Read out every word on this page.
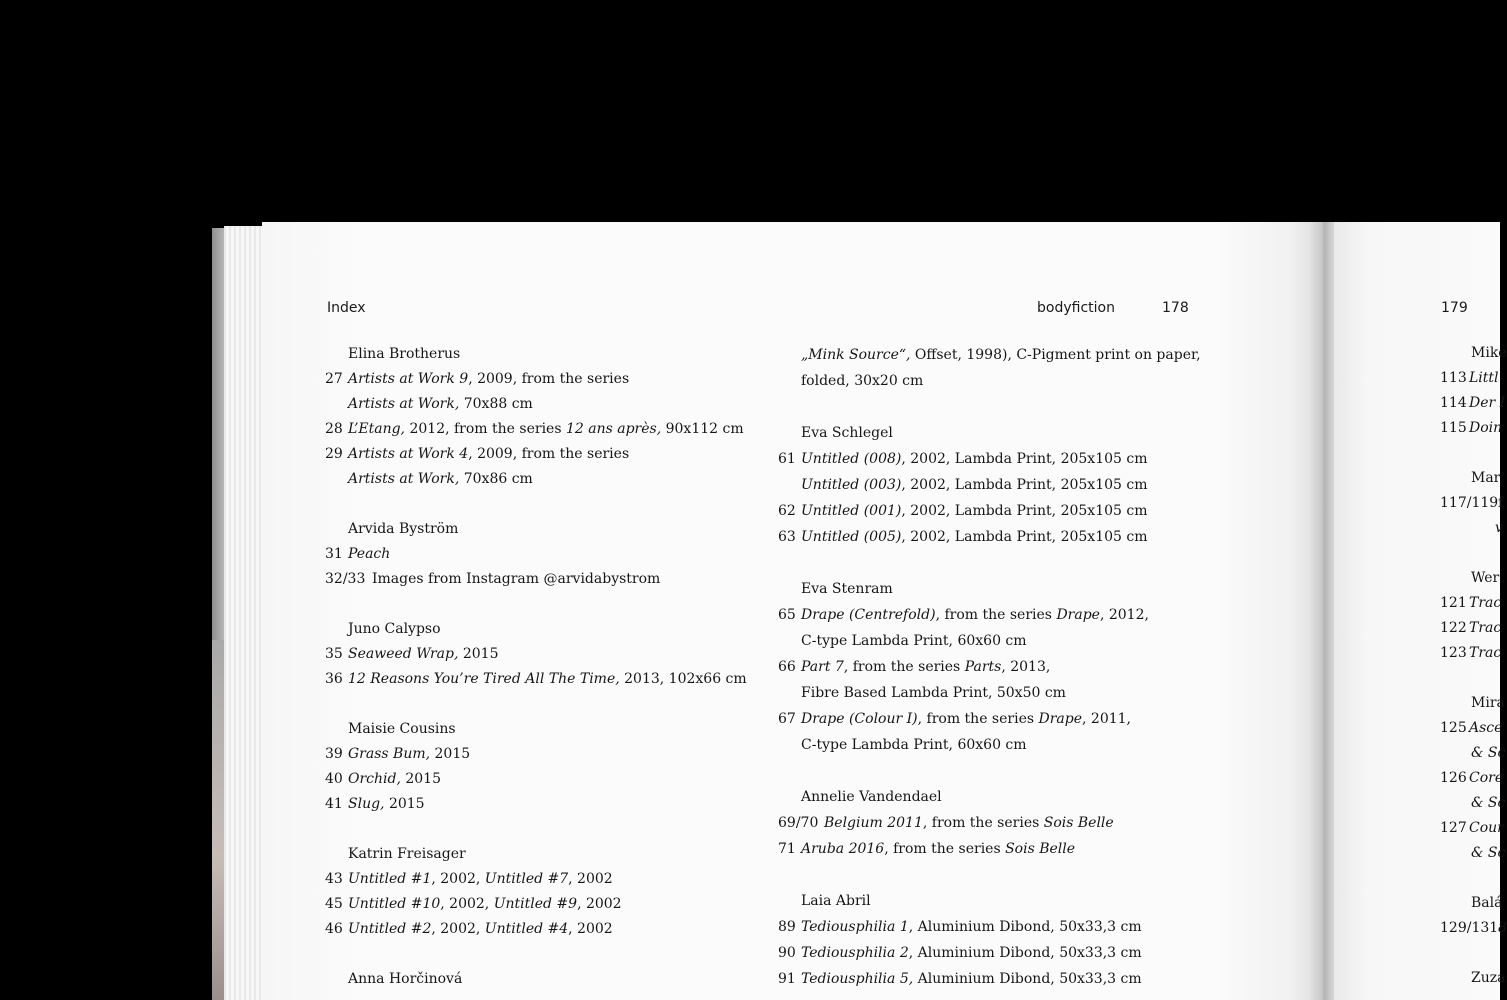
179
Mike
113 Littl
114 Der I
115 Doin
Mar
117/119 f
v
Wer
121 Trac
122 Trac
123 Trac
Mira
125 Asce
& Sc
126 Core
& Sc
127 Cour
& Sc
Balá
129/131 8
Zuza
Index	bodyfiction	178
Elina Brotherus
27 Artists at Work 9, 2009, from the series
Artists at Work, 70x88 cm
28 L’Etang, 2012, from the series 12 ans après, 90x112 cm
29 Artists at Work 4, 2009, from the series
Artists at Work, 70x86 cm
Arvida Byström
31 Peach
32/33 Images from Instagram @arvidabystrom
Juno Calypso
35 Seaweed Wrap, 2015
36 12 Reasons You’re Tired All The Time, 2013, 102x66 cm
Maisie Cousins
39 Grass Bum, 2015
40 Orchid, 2015
41 Slug, 2015
Katrin Freisager
43 Untitled #1, 2002, Untitled #7, 2002
45 Untitled #10, 2002, Untitled #9, 2002
46 Untitled #2, 2002, Untitled #4, 2002
Anna Horčinová
„Mink Source“, Offset, 1998), C-Pigment print on paper,
folded, 30x20 cm
Eva Schlegel
61 Untitled (008), 2002, Lambda Print, 205x105 cm
Untitled (003), 2002, Lambda Print, 205x105 cm
62 Untitled (001), 2002, Lambda Print, 205x105 cm
63 Untitled (005), 2002, Lambda Print, 205x105 cm
Eva Stenram
65 Drape (Centrefold), from the series Drape, 2012,
C-type Lambda Print, 60x60 cm
66 Part 7, from the series Parts, 2013,
Fibre Based Lambda Print, 50x50 cm
67 Drape (Colour I), from the series Drape, 2011,
C-type Lambda Print, 60x60 cm
Annelie Vandendael
69/70 Belgium 2011, from the series Sois Belle
71 Aruba 2016, from the series Sois Belle
Laia Abril
89 Tediousphilia 1, Aluminium Dibond, 50x33,3 cm
90 Tediousphilia 2, Aluminium Dibond, 50x33,3 cm
91 Tediousphilia 5, Aluminium Dibond, 50x33,3 cm
